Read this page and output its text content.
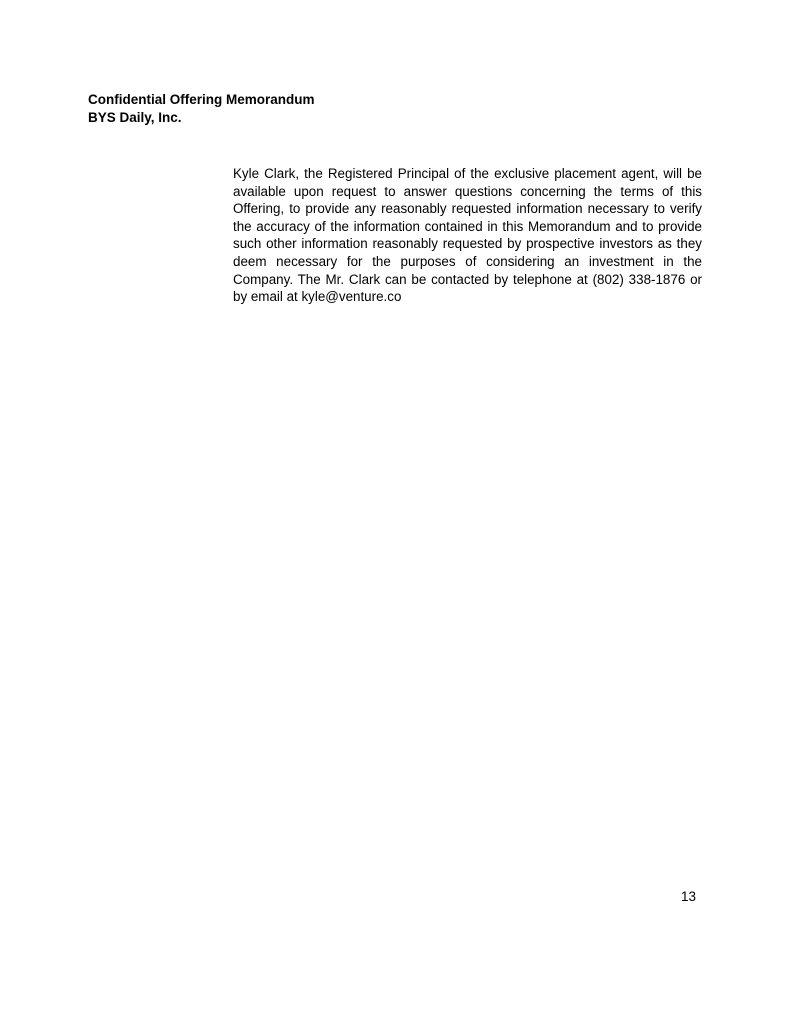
Confidential Offering Memorandum
BYS Daily, Inc.
Kyle Clark, the Registered Principal of the exclusive placement agent, will be available upon request to answer questions concerning the terms of this Offering, to provide any reasonably requested information necessary to verify the accuracy of the information contained in this Memorandum and to provide such other information reasonably requested by prospective investors as they deem necessary for the purposes of considering an investment in the Company. The Mr. Clark can be contacted by telephone at (802) 338-1876 or by email at kyle@venture.co
13
